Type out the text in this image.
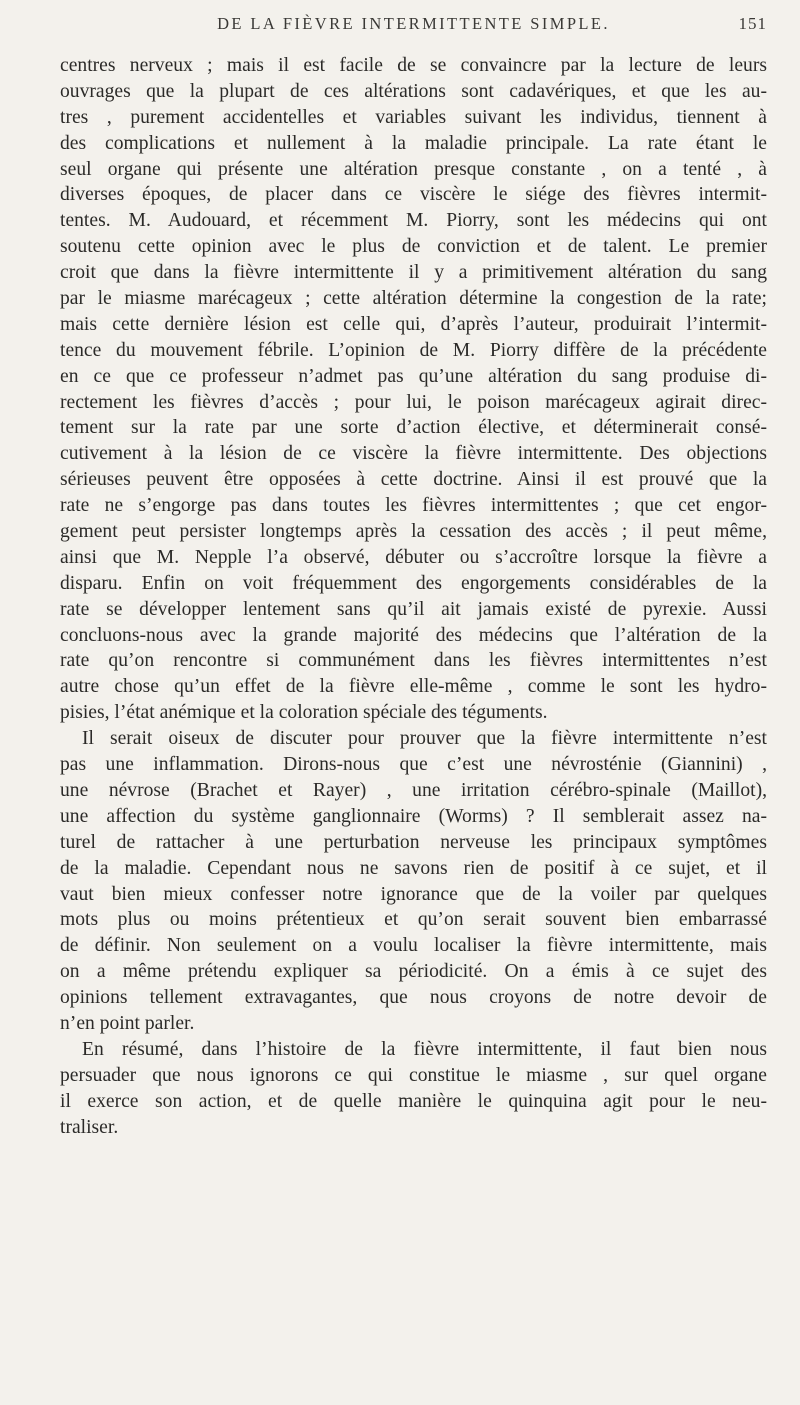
DE LA FIÈVRE INTERMITTENTE SIMPLE.	151
centres nerveux ; mais il est facile de se convaincre par la lecture de leurs
ouvrages que la plupart de ces altérations sont cadavériques, et que les au-
tres , purement accidentelles et variables suivant les individus, tiennent à
des complications et nullement à la maladie principale. La rate étant le
seul organe qui présente une altération presque constante , on a tenté , à
diverses époques, de placer dans ce viscère le siége des fièvres intermit-
tentes. M. Audouard, et récemment M. Piorry, sont les médecins qui ont
soutenu cette opinion avec le plus de conviction et de talent. Le premier
croit que dans la fièvre intermittente il y a primitivement altération du sang
par le miasme marécageux ; cette altération détermine la congestion de la rate;
mais cette dernière lésion est celle qui, d’après l’auteur, produirait l’intermit-
tence du mouvement fébrile. L’opinion de M. Piorry diffère de la précédente
en ce que ce professeur n’admet pas qu’une altération du sang produise di-
rectement les fièvres d’accès ; pour lui, le poison marécageux agirait direc-
tement sur la rate par une sorte d’action élective, et déterminerait consé-
cutivement à la lésion de ce viscère la fièvre intermittente. Des objections
sérieuses peuvent être opposées à cette doctrine. Ainsi il est prouvé que la
rate ne s’engorge pas dans toutes les fièvres intermittentes ; que cet engor-
gement peut persister longtemps après la cessation des accès ; il peut même,
ainsi que M. Nepple l’a observé, débuter ou s’accroître lorsque la fièvre a
disparu. Enfin on voit fréquemment des engorgements considérables de la
rate se développer lentement sans qu’il ait jamais existé de pyrexie. Aussi
concluons-nous avec la grande majorité des médecins que l’altération de la
rate qu’on rencontre si communément dans les fièvres intermittentes n’est
autre chose qu’un effet de la fièvre elle-même , comme le sont les hydro-
pisies, l’état anémique et la coloration spéciale des téguments.
Il serait oiseux de discuter pour prouver que la fièvre intermittente n’est
pas une inflammation. Dirons-nous que c’est une névrosténie (Giannini) ,
une névrose (Brachet et Rayer) , une irritation cérébro-spinale (Maillot),
une affection du système ganglionnaire (Worms) ? Il semblerait assez na-
turel de rattacher à une perturbation nerveuse les principaux symptômes
de la maladie. Cependant nous ne savons rien de positif à ce sujet, et il
vaut bien mieux confesser notre ignorance que de la voiler par quelques
mots plus ou moins prétentieux et qu’on serait souvent bien embarrassé
de définir. Non seulement on a voulu localiser la fièvre intermittente, mais
on a même prétendu expliquer sa périodicité. On a émis à ce sujet des
opinions tellement extravagantes, que nous croyons de notre devoir de
n’en point parler.
En résumé, dans l’histoire de la fièvre intermittente, il faut bien nous
persuader que nous ignorons ce qui constitue le miasme , sur quel organe
il exerce son action, et de quelle manière le quinquina agit pour le neu-
traliser.
